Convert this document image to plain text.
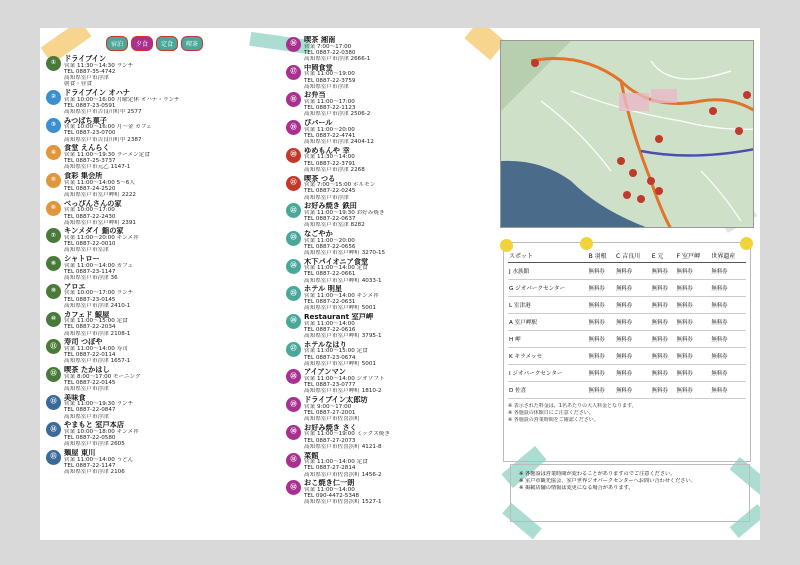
宿泊	夕食	定食	喫茶
①	ドライブイン
営業 11:30～14:30 ランチ
TEL 0887-35-4742
高知県室戸市浮津
朝食・昼食
②	ドライブイン オハナ
営業 10:00～16:00 月曜定休 オハナ・ランチ
TEL 0887-23-0591
高知県室戸市吉良川町甲 2577
③	みつばち菓子
営業 10:00～16:00 月～金 カフェ
TEL 0887-23-0700
高知県室戸市吉良川町甲 2387
④	食堂 えんらく
営業 11:00～19:30 ラーメン定食
TEL 0887-25-3737
高知県室戸市元乙 1147-1
⑤	食彩 集会所
営業 11:00～14:00 5～6人
TEL 0887-24-2520
高知県室戸市室戸岬町 2222
⑥	べっぴんさんの家
営業 10:00～17:00
TEL 0887-22-2430
高知県室戸市室戸岬町 2391
⑦	キンメダイ 鮨の家
営業 11:00～20:00 キンメ丼
TEL 0887-22-0010
高知県室戸市室津
⑧	シャトロー
営業 11:00～14:00 カフェ
TEL 0887-23-1147
高知県室戸市浮津 36
⑨	アロエ
営業 10:00～17:00 ランチ
TEL 0887-23-0145
高知県室戸市浮津 2410-1
⑩	カフェド 鯨屋
営業 11:00～15:00 定食
TEL 0887-22-2034
高知県室戸市浮津 2108-1
⑪	寿司 つぼや
営業 11:00～14:00 寿司
TEL 0887-22-0114
高知県室戸市浮津 1657-1
⑫	喫茶 たかはし
営業 8:00～17:00 モーニング
TEL 0887-22-0145
高知県室戸市浮津
⑬	美味食
営業 11:00～19:30 ランチ
TEL 0887-22-0847
高知県室戸市浮津
⑭	やまもと 室戸本店
営業 10:00～18:00 キンメ丼
TEL 0887-22-0580
高知県室戸市浮津 2605
⑮	麺屋 東川
営業 11:00～14:00 うどん
TEL 0887-22-1147
高知県室戸市浮津 2106
⑯	喫茶 湘南
営業 7:00～17:00
TEL 0887-22-0380
高知県室戸市浮津 2666-1
⑰	中岡食堂
営業 11:00～19:00
TEL 0887-22-3759
高知県室戸市浮津
⑱	お弁当
営業 11:00～17:00
TEL 0887-22-1123
高知県室戸市浮津 2506-2
⑲	ぴバール
営業 11:00～20:00
TEL 0887-22-4741
高知県室戸市浮津 2404-12
⑳	ゆめもんや 幸
営業 11:30～14:00
TEL 0887-22-3791
高知県室戸市浮津 2268
㉑	喫茶 つる
営業 7:00～15:00 ホルモン
TEL 0887-22-0245
高知県室戸市浮津
㉒	お好み焼き 鉄田
営業 11:00～19:30 お好み焼き
TEL 0887-22-0637
高知県室戸市室津 8282
㉓	なごやか
営業 11:00～20:00
TEL 0887-22-0656
高知県室戸市室戸岬町 3270-15
㉔	木下パイオニア食堂
営業 11:00～14:00 定食
TEL 0887-22-0661
高知県室戸市室戸岬町 4033-1
㉕	ホテル 明星
営業 11:00～14:00 キンメ丼
TEL 0887-22-0631
高知県室戸市室戸岬町 5001
㉖	Restaurant 室戸岬
営業 11:00～14:00
TEL 0887-22-0616
高知県室戸市室戸岬町 3795-1
㉗	ホテルなはり
営業 11:00～15:00 定食
TEL 0887-23-0674
高知県室戸市室戸岬町 5001
㉘	アイアンマン
営業 11:00～14:00 ジオソフト
TEL 0887-23-0777
高知県室戸市室戸岬町 1810-2
㉙	ドライブイン太郎坊
営業 9:00～17:00
TEL 0887-27-2001
高知県室戸市佐喜浜町
㉚	お好み焼き さく
営業 11:00～19:00 ミックス焼き
TEL 0887-27-2073
高知県室戸市佐喜浜町 4121-8
㉛	菜館
営業 11:00～14:00 定食
TEL 0887-27-2814
高知県室戸市佐喜浜町 1456-2
㉜	おこ焼き仁一朗
営業 11:00～14:00
TEL 090-4472-5348
高知県室戸市佐喜浜町 1527-1
スポット	B 羽根	C 吉良川	E 元	F 室戸岬	世界遺産
J 水族館	無料券	無料券	無料券	無料券	無料券
G ジオパークセンター	無料券	無料券	無料券	無料券	無料券
L 室津港	無料券	無料券	無料券	無料券	無料券
A 室戸岬駅	無料券	無料券	無料券	無料券	無料券
H 岬	無料券	無料券	無料券	無料券	無料券
K キラメッセ	無料券	無料券	無料券	無料券	無料券
I ジオパークセンター	無料券	無料券	無料券	無料券	無料券
D 佐喜	無料券	無料券	無料券	無料券	無料券
※ 表示された料金は、1名あたりの大人料金となります。
※ 各施設の休館日にご注意ください。
※ 各施設の営業時間をご確認ください。
※ 各施設は営業時間が変わることがありますのでご注意ください。
※ 室戸市観光協会、室戸世界ジオパークセンターへお問い合わせください。
※ 掲載店舗の情報は変更になる場合があります。
